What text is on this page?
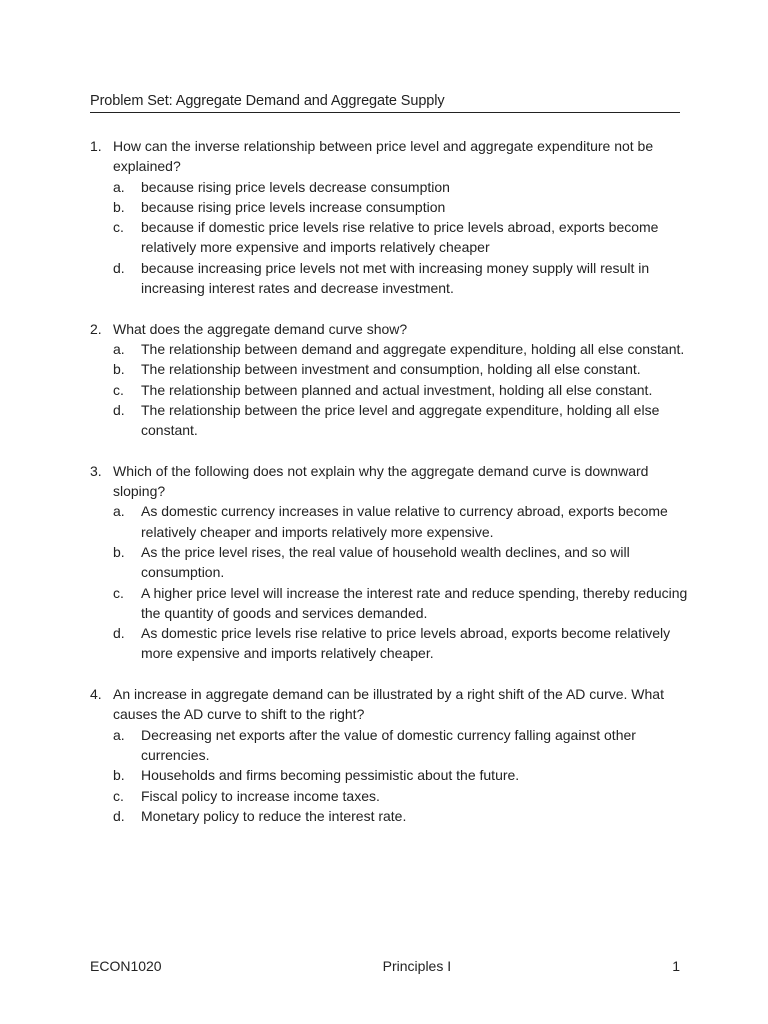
Problem Set: Aggregate Demand and Aggregate Supply
1. How can the inverse relationship between price level and aggregate expenditure not be explained?
a.	because rising price levels decrease consumption
b.	because rising price levels increase consumption
c.	because if domestic price levels rise relative to price levels abroad, exports become relatively more expensive and imports relatively cheaper
d.	because increasing price levels not met with increasing money supply will result in increasing interest rates and decrease investment.
2. What does the aggregate demand curve show?
a.	The relationship between demand and aggregate expenditure, holding all else constant.
b.	The relationship between investment and consumption, holding all else constant.
c.	The relationship between planned and actual investment, holding all else constant.
d.	The relationship between the price level and aggregate expenditure, holding all else constant.
3. Which of the following does not explain why the aggregate demand curve is downward sloping?
a.	As domestic currency increases in value relative to currency abroad, exports become relatively cheaper and imports relatively more expensive.
b.	As the price level rises, the real value of household wealth declines, and so will consumption.
c.	A higher price level will increase the interest rate and reduce spending, thereby reducing the quantity of goods and services demanded.
d.	As domestic price levels rise relative to price levels abroad, exports become relatively more expensive and imports relatively cheaper.
4. An increase in aggregate demand can be illustrated by a right shift of the AD curve. What causes the AD curve to shift to the right?
a.	Decreasing net exports after the value of domestic currency falling against other currencies.
b.	Households and firms becoming pessimistic about the future.
c.	Fiscal policy to increase income taxes.
d.	Monetary policy to reduce the interest rate.
ECON1020	Principles I	1
